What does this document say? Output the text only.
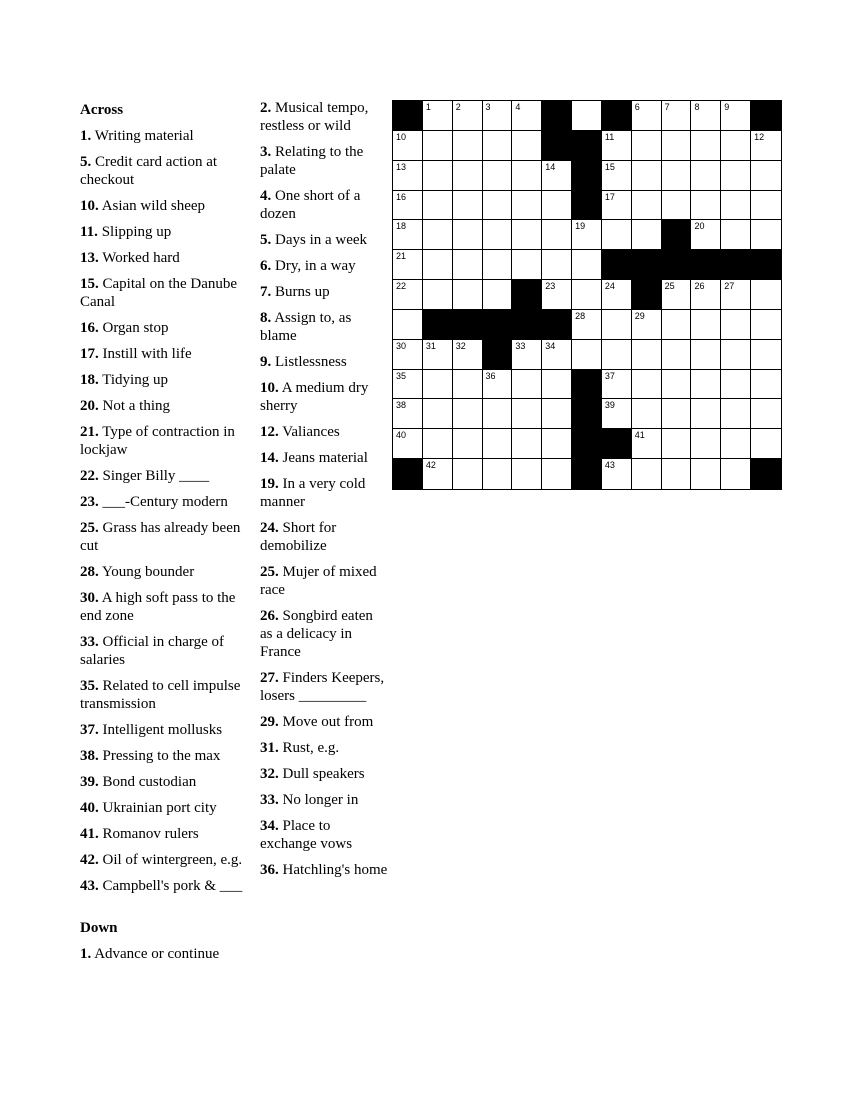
Across
1. Writing material
5. Credit card action at checkout
10. Asian wild sheep
11. Slipping up
13. Worked hard
15. Capital on the Danube Canal
16. Organ stop
17. Instill with life
18. Tidying up
20. Not a thing
21. Type of contraction in lockjaw
22. Singer Billy ____
23. ___-Century modern
25. Grass has already been cut
28. Young bounder
30. A high soft pass to the end zone
33. Official in charge of salaries
35. Related to cell impulse transmission
37. Intelligent mollusks
38. Pressing to the max
39. Bond custodian
40. Ukrainian port city
41. Romanov rulers
42. Oil of wintergreen, e.g.
43. Campbell's pork & ___
Down
1. Advance or continue
2. Musical tempo, restless or wild
3. Relating to the palate
4. One short of a dozen
5. Days in a week
6. Dry, in a way
7. Burns up
8. Assign to, as blame
9. Listlessness
10. A medium dry sherry
12. Valiances
14. Jeans material
19. In a very cold manner
24. Short for demobilize
25. Mujer of mixed race
26. Songbird eaten as a delicacy in France
27. Finders Keepers, losers _________
29. Move out from
31. Rust, e.g.
32. Dull speakers
33. No longer in
34. Place to exchange vows
36. Hatchling's home
1	2	3	4	5	6	7	8	9
10	11	12
13	14	15
16	17
18	19	20
21
22	23	24	25 26 27
28	29
30 31 32	33 34
35	36	37
38	39
40	41
42	43
